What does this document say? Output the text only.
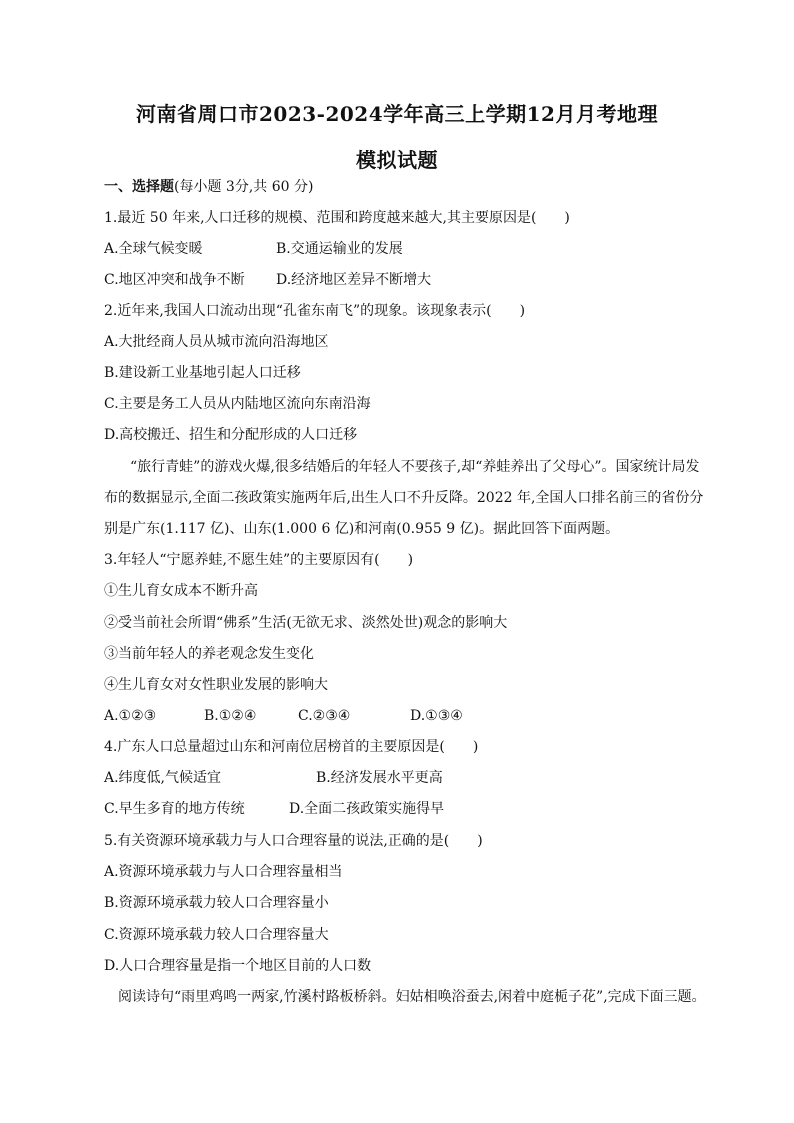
河南省周口市2023-2024学年高三上学期12月月考地理
模拟试题
一、选择题(每小题 3分,共 60 分)
1.最近 50 年来,人口迁移的规模、范围和跨度越来越大,其主要原因是(　　)
A.全球气候变暖	B.交通运输业的发展
C.地区冲突和战争不断 D.经济地区差异不断增大
2.近年来,我国人口流动出现“孔雀东南飞”的现象。该现象表示(　　)
A.大批经商人员从城市流向沿海地区
B.建设新工业基地引起人口迁移
C.主要是务工人员从内陆地区流向东南沿海
D.高校搬迁、招生和分配形成的人口迁移
“旅行青蛙”的游戏火爆,很多结婚后的年轻人不要孩子,却“养蛙养出了父母心”。国家统计局发
布的数据显示,全面二孩政策实施两年后,出生人口不升反降。2022 年,全国人口排名前三的省份分
别是广东(1.117 亿)、山东(1.000 6 亿)和河南(0.955 9 亿)。据此回答下面两题。
3.年轻人“宁愿养蛙,不愿生娃”的主要原因有(　　)
①生儿育女成本不断升高
②受当前社会所谓“佛系”生活(无欲无求、淡然处世)观念的影响大
③当前年轻人的养老观念发生变化
④生儿育女对女性职业发展的影响大
A.①②③	B.①②④	C.②③④	D.①③④
4.广东人口总量超过山东和河南位居榜首的主要原因是(　　)
A.纬度低,气候适宜	B.经济发展水平更高
C.早生多育的地方传统	D.全面二孩政策实施得早
5.有关资源环境承载力与人口合理容量的说法,正确的是(　　)
A.资源环境承载力与人口合理容量相当
B.资源环境承载力较人口合理容量小
C.资源环境承载力较人口合理容量大
D.人口合理容量是指一个地区目前的人口数
阅读诗句“雨里鸡鸣一两家,竹溪村路板桥斜。妇姑相唤浴蚕去,闲着中庭栀子花”,完成下面三题。
